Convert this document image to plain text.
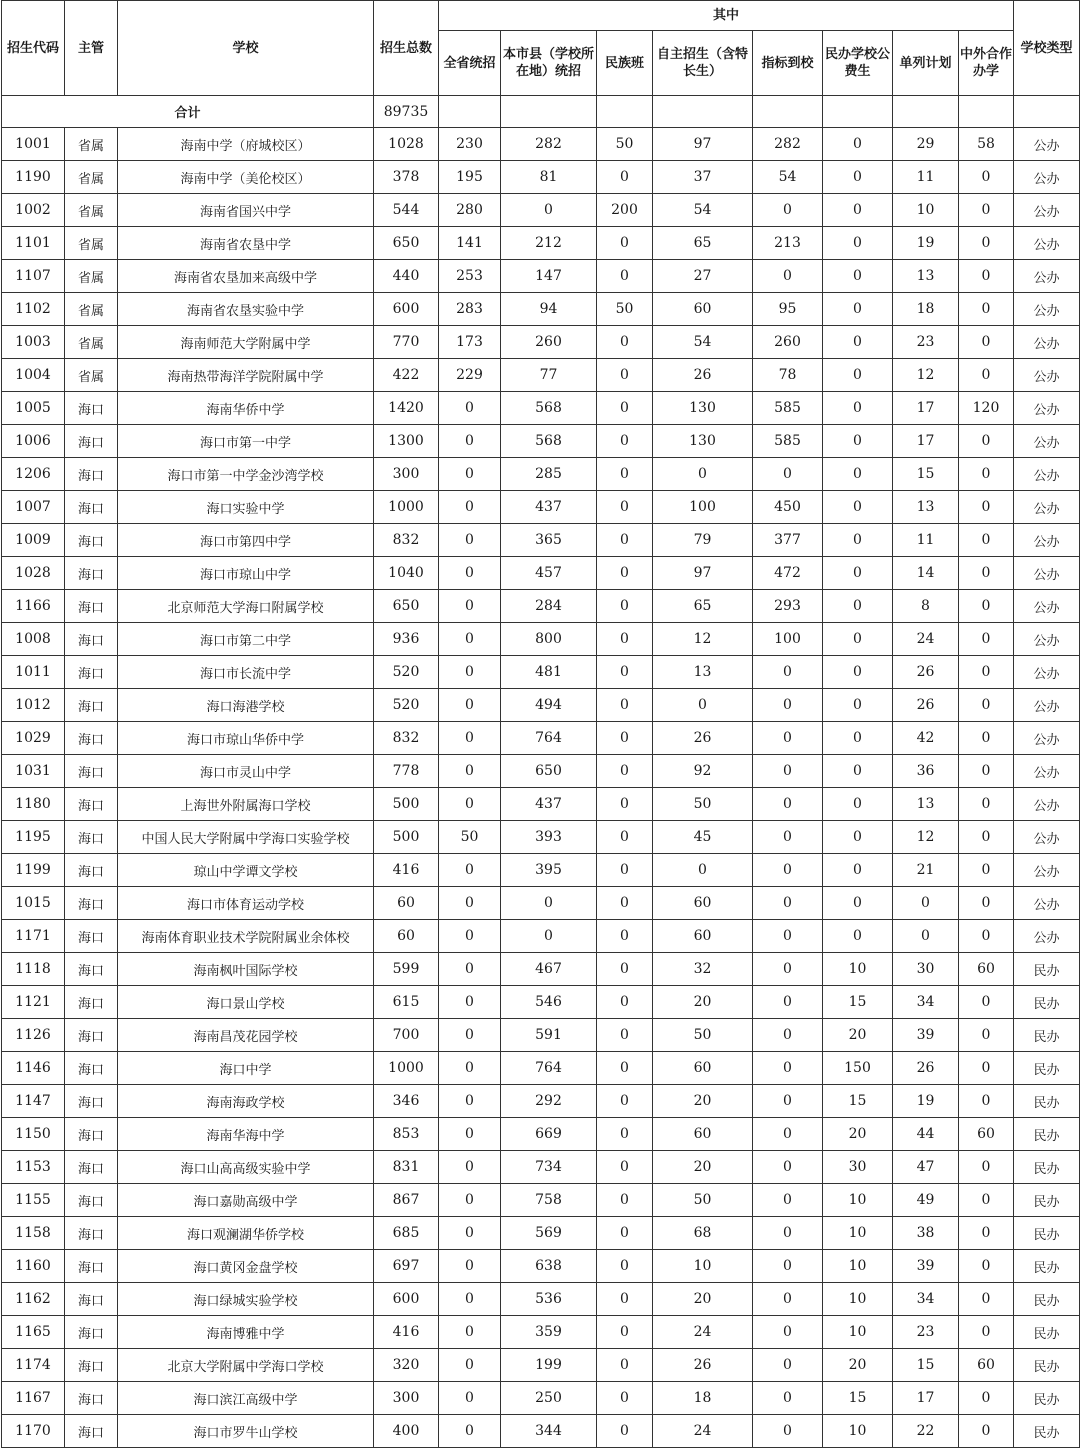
招生代码	主管	学校	招生总数	其中								学校类型
				全省统招	本市县（学校所在地）统招	民族班	自主招生（含特长生）	指标到校	民办学校公费生	单列计划	中外合作办学	
合计			89735									
1001	省属	海南中学（府城校区）	1028	230	282	50	97	282	0	29	58	公办
1190	省属	海南中学（美伦校区）	378	195	81	0	37	54	0	11	0	公办
1002	省属	海南省国兴中学	544	280	0	200	54	0	0	10	0	公办
1101	省属	海南省农垦中学	650	141	212	0	65	213	0	19	0	公办
1107	省属	海南省农垦加来高级中学	440	253	147	0	27	0	0	13	0	公办
1102	省属	海南省农垦实验中学	600	283	94	50	60	95	0	18	0	公办
1003	省属	海南师范大学附属中学	770	173	260	0	54	260	0	23	0	公办
1004	省属	海南热带海洋学院附属中学	422	229	77	0	26	78	0	12	0	公办
1005	海口	海南华侨中学	1420	0	568	0	130	585	0	17	120	公办
1006	海口	海口市第一中学	1300	0	568	0	130	585	0	17	0	公办
1206	海口	海口市第一中学金沙湾学校	300	0	285	0	0	0	0	15	0	公办
1007	海口	海口实验中学	1000	0	437	0	100	450	0	13	0	公办
1009	海口	海口市第四中学	832	0	365	0	79	377	0	11	0	公办
1028	海口	海口市琼山中学	1040	0	457	0	97	472	0	14	0	公办
1166	海口	北京师范大学海口附属学校	650	0	284	0	65	293	0	8	0	公办
1008	海口	海口市第二中学	936	0	800	0	12	100	0	24	0	公办
1011	海口	海口市长流中学	520	0	481	0	13	0	0	26	0	公办
1012	海口	海口海港学校	520	0	494	0	0	0	0	26	0	公办
1029	海口	海口市琼山华侨中学	832	0	764	0	26	0	0	42	0	公办
1031	海口	海口市灵山中学	778	0	650	0	92	0	0	36	0	公办
1180	海口	上海世外附属海口学校	500	0	437	0	50	0	0	13	0	公办
1195	海口	中国人民大学附属中学海口实验学校	500	50	393	0	45	0	0	12	0	公办
1199	海口	琼山中学谭文学校	416	0	395	0	0	0	0	21	0	公办
1015	海口	海口市体育运动学校	60	0	0	0	60	0	0	0	0	公办
1171	海口	海南体育职业技术学院附属业余体校	60	0	0	0	60	0	0	0	0	公办
1118	海口	海南枫叶国际学校	599	0	467	0	32	0	10	30	60	民办
1121	海口	海口景山学校	615	0	546	0	20	0	15	34	0	民办
1126	海口	海南昌茂花园学校	700	0	591	0	50	0	20	39	0	民办
1146	海口	海口中学	1000	0	764	0	60	0	150	26	0	民办
1147	海口	海南海政学校	346	0	292	0	20	0	15	19	0	民办
1150	海口	海南华海中学	853	0	669	0	60	0	20	44	60	民办
1153	海口	海口山高高级实验中学	831	0	734	0	20	0	30	47	0	民办
1155	海口	海口嘉勋高级中学	867	0	758	0	50	0	10	49	0	民办
1158	海口	海口观澜湖华侨学校	685	0	569	0	68	0	10	38	0	民办
1160	海口	海口黄冈金盘学校	697	0	638	0	10	0	10	39	0	民办
1162	海口	海口绿城实验学校	600	0	536	0	20	0	10	34	0	民办
1165	海口	海南博雅中学	416	0	359	0	24	0	10	23	0	民办
1174	海口	北京大学附属中学海口学校	320	0	199	0	26	0	20	15	60	民办
1167	海口	海口滨江高级中学	300	0	250	0	18	0	15	17	0	民办
1170	海口	海口市罗牛山学校	400	0	344	0	24	0	10	22	0	民办
